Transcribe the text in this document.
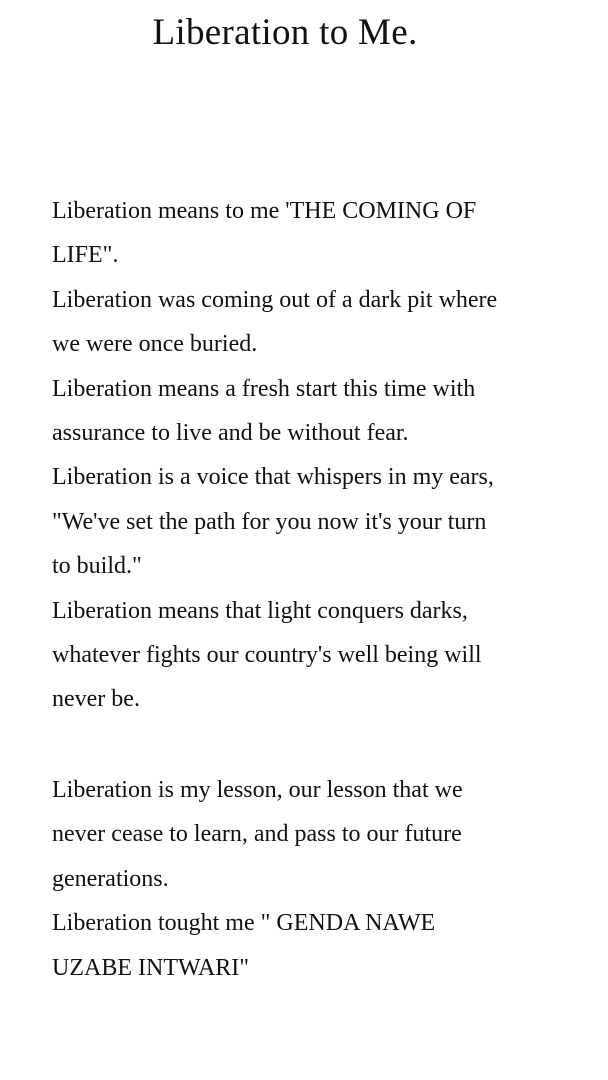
Liberation to Me.

Liberation means to me 'THE COMING OF
LIFE".
Liberation was coming out of a dark pit where
we were once buried.
Liberation means a fresh start this time with
assurance to live and be without fear.
Liberation is a voice that whispers in my ears,
"We've set the path for you now it's your turn
to build."
Liberation means that light conquers darks,
whatever fights our country's well being will
never be.

Liberation is my lesson, our lesson that we
never cease to learn, and pass to our future
generations.
Liberation tought me " GENDA NAWE
UZABE INTWARI"
